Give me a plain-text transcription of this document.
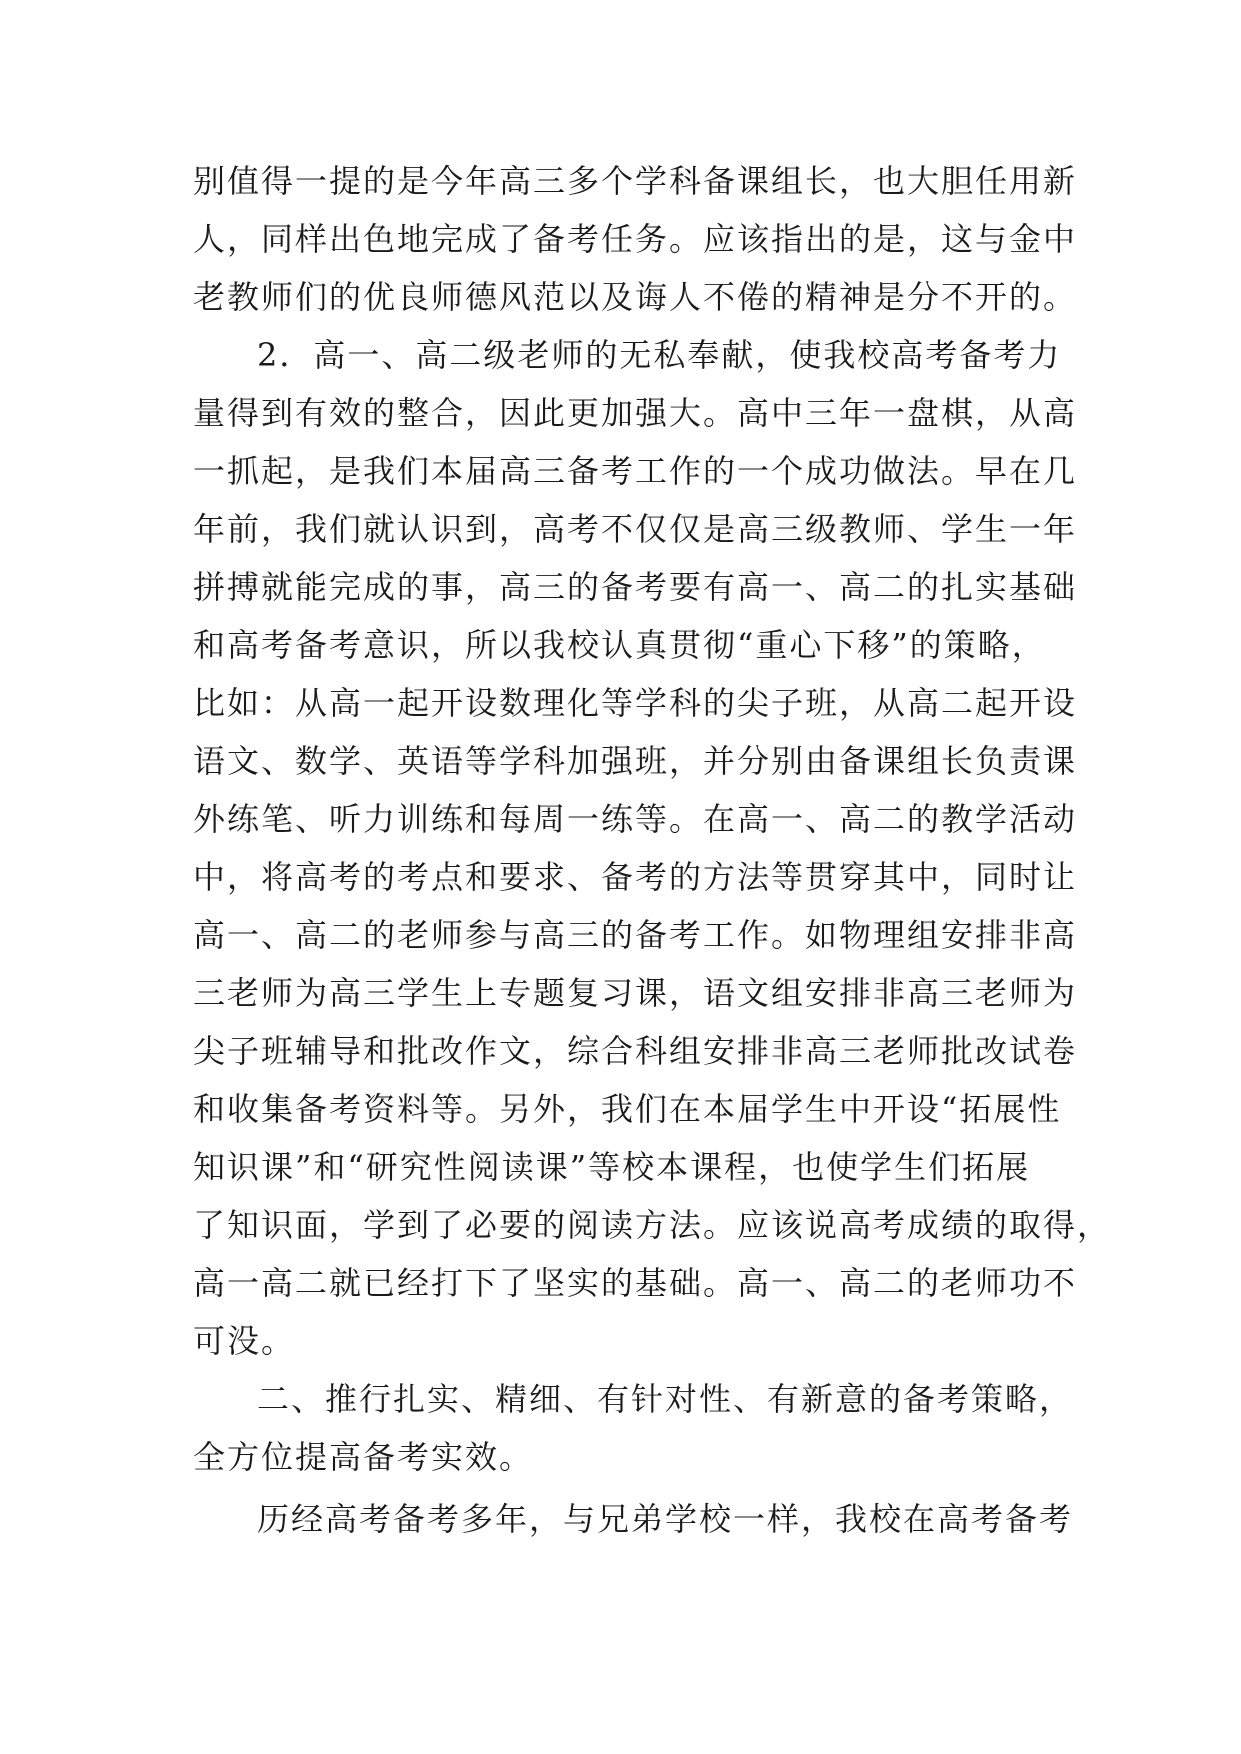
别值得一提的是今年高三多个学科备课组长，也大胆任用新
人，同样出色地完成了备考任务。应该指出的是，这与金中
老教师们的优良师德风范以及诲人不倦的精神是分不开的。
2．高一、高二级老师的无私奉献，使我校高考备考力
量得到有效的整合，因此更加强大。高中三年一盘棋，从高
一抓起，是我们本届高三备考工作的一个成功做法。早在几
年前，我们就认识到，高考不仅仅是高三级教师、学生一年
拼搏就能完成的事，高三的备考要有高一、高二的扎实基础
和高考备考意识，所以我校认真贯彻“重心下移”的策略，
比如：从高一起开设数理化等学科的尖子班，从高二起开设
语文、数学、英语等学科加强班，并分别由备课组长负责课
外练笔、听力训练和每周一练等。在高一、高二的教学活动
中，将高考的考点和要求、备考的方法等贯穿其中，同时让
高一、高二的老师参与高三的备考工作。如物理组安排非高
三老师为高三学生上专题复习课，语文组安排非高三老师为
尖子班辅导和批改作文，综合科组安排非高三老师批改试卷
和收集备考资料等。另外，我们在本届学生中开设“拓展性
知识课”和“研究性阅读课”等校本课程，也使学生们拓展
了知识面，学到了必要的阅读方法。应该说高考成绩的取得，
高一高二就已经打下了坚实的基础。高一、高二的老师功不
可没。
二、推行扎实、精细、有针对性、有新意的备考策略，
全方位提高备考实效。
历经高考备考多年，与兄弟学校一样，我校在高考备考
